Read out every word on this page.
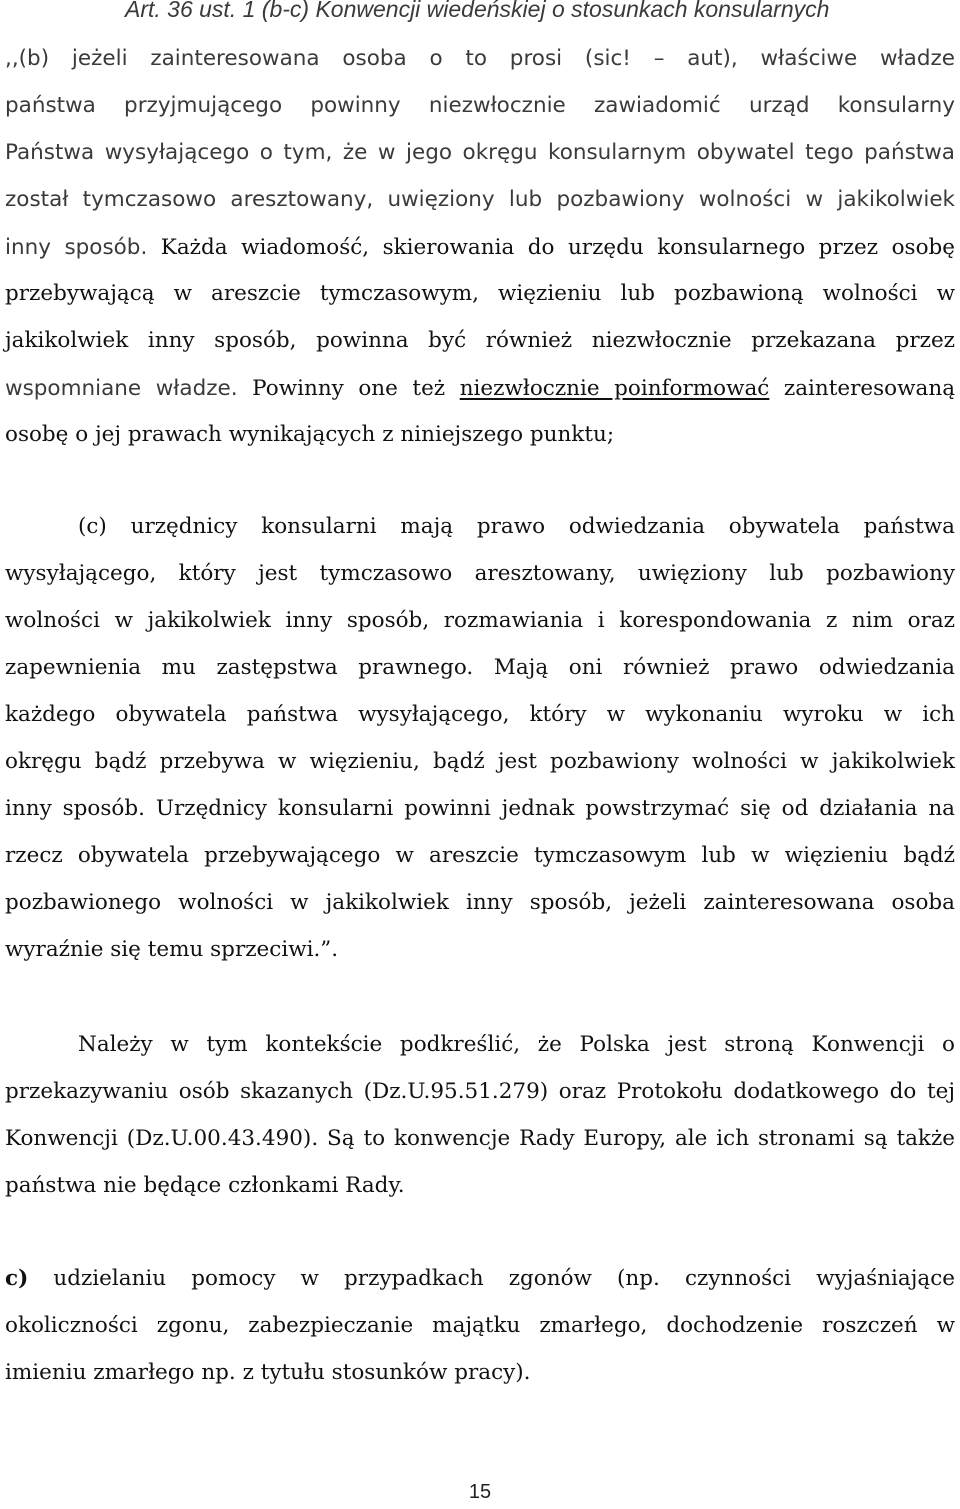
Art. 36 ust. 1 (b-c) Konwencji wiedeńskiej o stosunkach konsularnych
,,(b) jeżeli zainteresowana osoba o to prosi (sic! – aut), właściwe władze
państwa przyjmującego powinny niezwłocznie zawiadomić urząd konsularny
Państwa wysyłającego o tym, że w jego okręgu konsularnym obywatel tego państwa
został tymczasowo aresztowany, uwięziony lub pozbawiony wolności w jakikolwiek
inny sposób. Każda wiadomość, skierowania do urzędu konsularnego przez osobę
przebywającą w areszcie tymczasowym, więzieniu lub pozbawioną wolności w
jakikolwiek inny sposób, powinna być również niezwłocznie przekazana przez
wspomniane władze. Powinny one też niezwłocznie poinformować zainteresowaną
osobę o jej prawach wynikających z niniejszego punktu;
(c) urzędnicy konsularni mają prawo odwiedzania obywatela państwa
wysyłającego, który jest tymczasowo aresztowany, uwięziony lub pozbawiony
wolności w jakikolwiek inny sposób, rozmawiania i korespondowania z nim oraz
zapewnienia mu zastępstwa prawnego. Mają oni również prawo odwiedzania
każdego obywatela państwa wysyłającego, który w wykonaniu wyroku w ich
okręgu bądź przebywa w więzieniu, bądź jest pozbawiony wolności w jakikolwiek
inny sposób. Urzędnicy konsularni powinni jednak powstrzymać się od działania na
rzecz obywatela przebywającego w areszcie tymczasowym lub w więzieniu bądź
pozbawionego wolności w jakikolwiek inny sposób, jeżeli zainteresowana osoba
wyraźnie się temu sprzeciwi.”.
Należy w tym kontekście podkreślić, że Polska jest stroną Konwencji o
przekazywaniu osób skazanych (Dz.U.95.51.279) oraz Protokołu dodatkowego do tej
Konwencji (Dz.U.00.43.490). Są to konwencje Rady Europy, ale ich stronami są także
państwa nie będące członkami Rady.
c) udzielaniu pomocy w przypadkach zgonów (np. czynności wyjaśniające
okoliczności zgonu, zabezpieczanie majątku zmarłego, dochodzenie roszczeń w
imieniu zmarłego np. z tytułu stosunków pracy).
15
